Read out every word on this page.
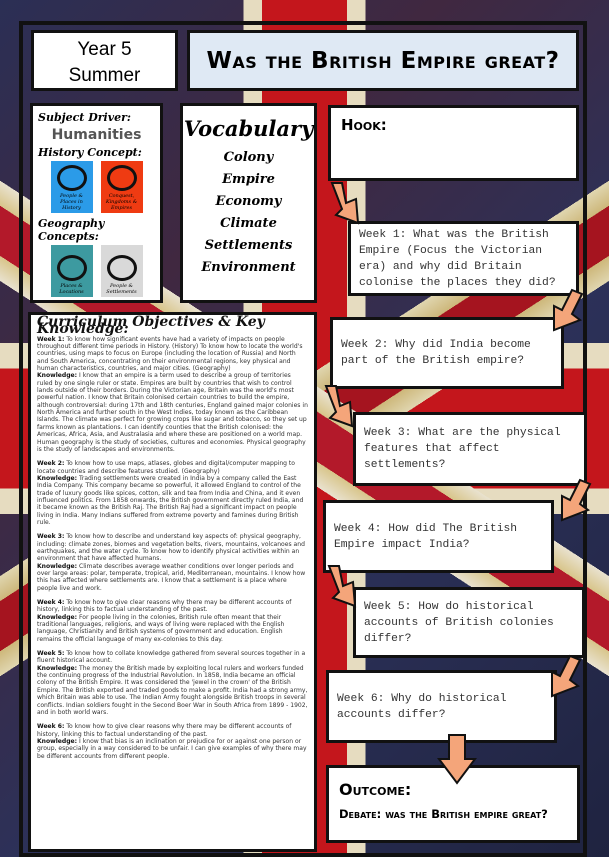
Year 5
Summer
Was the British Empire great?
Subject Driver:
Humanities
History Concept:
People & Places in History
Conquest, Kingdoms & Empires
Geography Concepts:
Places & Locations
People & Settlements
Vocabulary
Colony
Empire
Economy
Climate
Settlements
Environment
Hook:
Week 1: What was the British Empire (Focus the Victorian era) and why did Britain colonise the places they did?
Week 2: Why did India become part of the British empire?
Week 3: What are the physical features that affect settlements?
Week 4: How did The British Empire impact India?
Week 5: How do historical accounts of British colonies differ?
Week 6: Why do historical accounts differ?
Outcome:
Debate: was the British empire great?
Curriculum Objectives & Key Knowledge:

Week 1: To know how significant events have had a variety of impacts on people throughout different time periods in History. (History) To know how to locate the world's countries, using maps to focus on Europe (including the location of Russia) and North and South America, concentrating on their environmental regions, key physical and human characteristics, countries, and major cities. (Geography)
Knowledge: I know that an empire is a term used to describe a group of territories ruled by one single ruler or state. Empires are built by countries that wish to control lands outside of their borders. During the Victorian age, Britain was the world's most powerful nation. I know that Britain colonised certain countries to build the empire, although controversial: during 17th and 18th centuries, England gained major colonies in North America and further south in the West Indies, today known as the Caribbean Islands. The climate was perfect for growing crops like sugar and tobacco, so they set up farms known as plantations. I can identify counties that the British colonised: the Americas, Africa, Asia, and Australasia and where these are positioned on a world map. Human geography is the study of societies, cultures and economies. Physical geography is the study of landscapes and environments.

Week 2: To know how to use maps, atlases, globes and digital/computer mapping to locate countries and describe features studied. (Geography)
Knowledge: Trading settlements were created in India by a company called the East India Company. This company became so powerful, it allowed England to control of the trade of luxury goods like spices, cotton, silk and tea from India and China, and it even influenced politics. From 1858 onwards, the British government directly ruled India, and it became known as the British Raj. The British Raj had a significant impact on people living in India. Many Indians suffered from extreme poverty and famines during British rule.

Week 3: To know how to describe and understand key aspects of: physical geography, including: climate zones, biomes and vegetation belts, rivers, mountains, volcanoes and earthquakes, and the water cycle. To know how to identify physical activities within an environment that have affected humans.
Knowledge: Climate describes average weather conditions over longer periods and over large areas: polar, temperate, tropical, arid, Mediterranean, mountains. I know how this has affected where settlements are. I know that a settlement is a place where people live and work.

Week 4: To know how to give clear reasons why there may be different accounts of history, linking this to factual understanding of the past.
Knowledge: For people living in the colonies, British rule often meant that their traditional languages, religions, and ways of living were replaced with the English language, Christianity and British systems of government and education. English remains the official language of many ex-colonies to this day.

Week 5: To know how to collate knowledge gathered from several sources together in a fluent historical account.
Knowledge: The money the British made by exploiting local rulers and workers funded the continuing progress of the Industrial Revolution. In 1858, India became an official colony of the British Empire. It was considered the 'jewel in the crown' of the British Empire. The British exported and traded goods to make a profit. India had a strong army, which Britain was able to use. The Indian Army fought alongside British troops in several conflicts. Indian soldiers fought in the Second Boer War in South Africa from 1899 - 1902, and in both world wars.

Week 6: To know how to give clear reasons why there may be different accounts of history, linking this to factual understanding of the past.
Knowledge: I know that bias is an inclination or prejudice for or against one person or group, especially in a way considered to be unfair. I can give examples of why there may be different accounts from different people.
